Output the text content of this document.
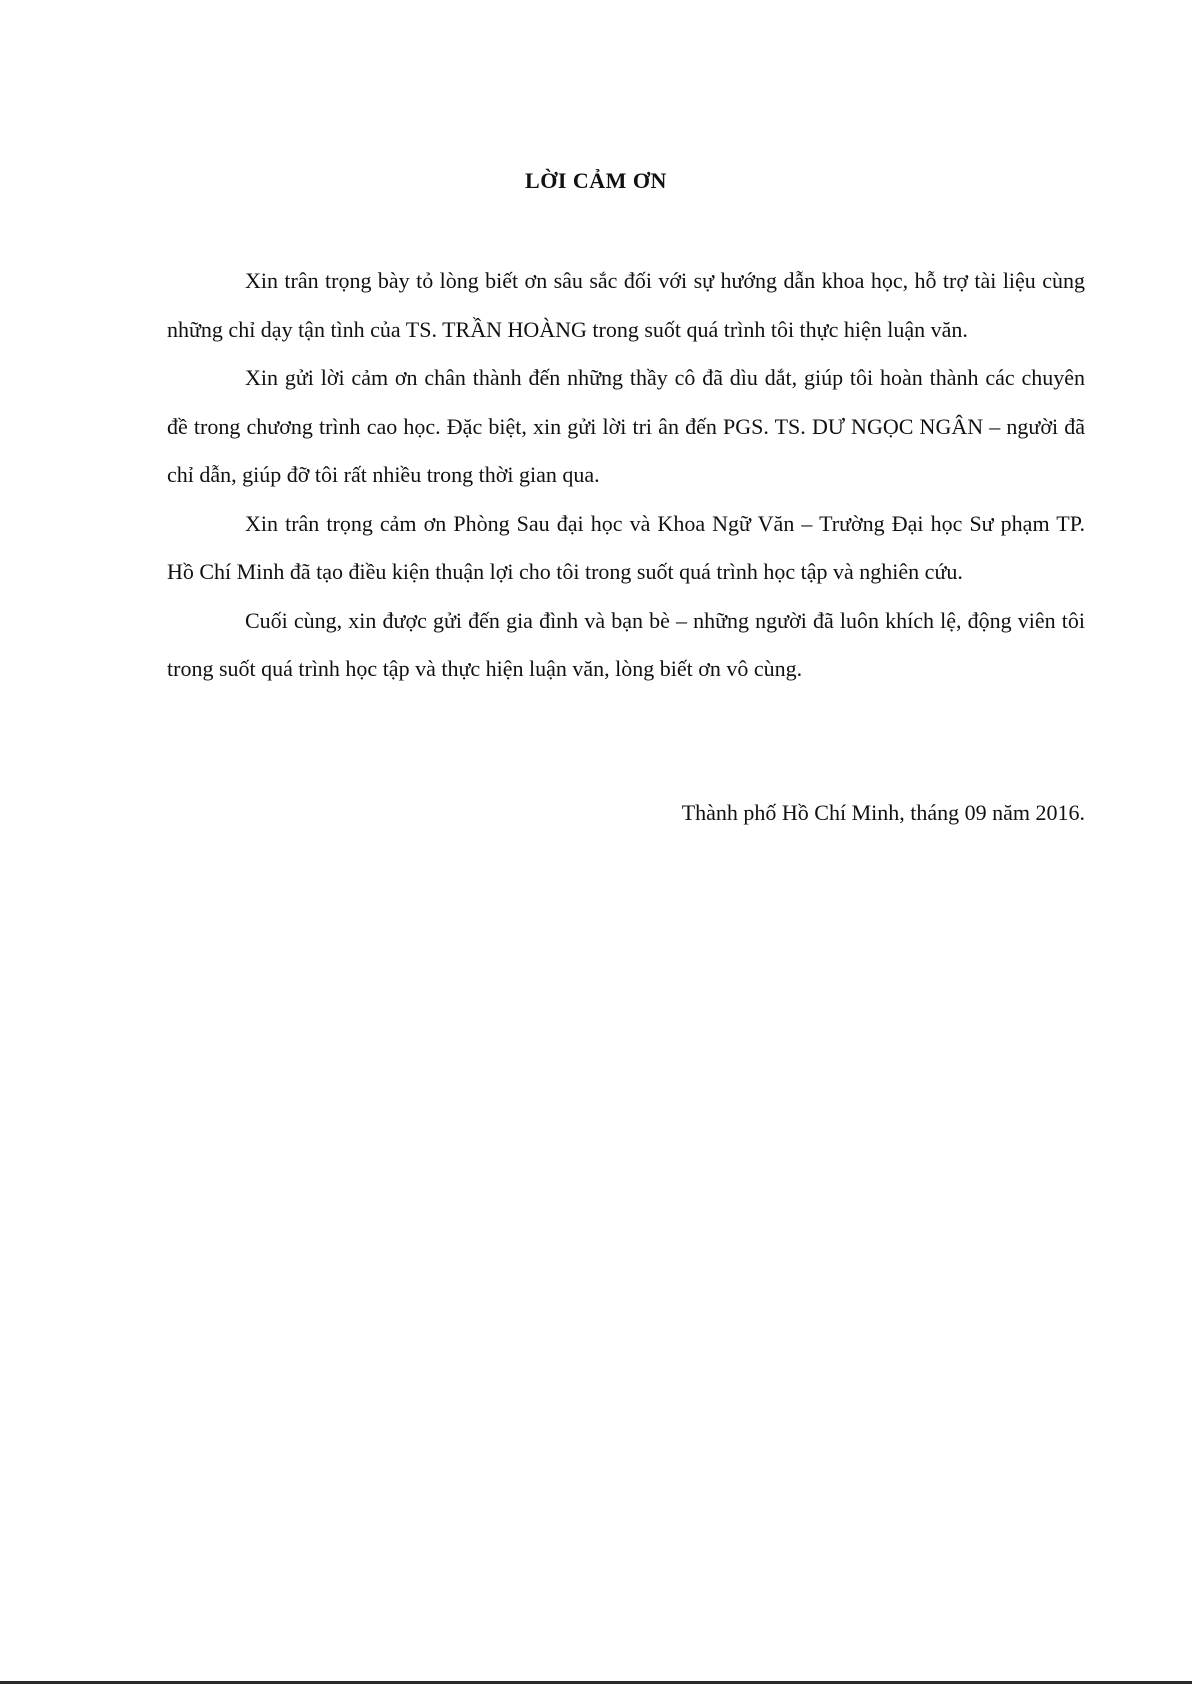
LỜI CẢM ƠN

Xin trân trọng bày tỏ lòng biết ơn sâu sắc đối với sự hướng dẫn khoa học, hỗ trợ tài liệu cùng những chỉ dạy tận tình của TS. TRẦN HOÀNG trong suốt quá trình tôi thực hiện luận văn.

Xin gửi lời cảm ơn chân thành đến những thầy cô đã dìu dắt, giúp tôi hoàn thành các chuyên đề trong chương trình cao học. Đặc biệt, xin gửi lời tri ân đến PGS. TS. DƯ NGỌC NGÂN – người đã chỉ dẫn, giúp đỡ tôi rất nhiều trong thời gian qua.

Xin trân trọng cảm ơn Phòng Sau đại học và Khoa Ngữ Văn – Trường Đại học Sư phạm TP. Hồ Chí Minh đã tạo điều kiện thuận lợi cho tôi trong suốt quá trình học tập và nghiên cứu.

Cuối cùng, xin được gửi đến gia đình và bạn bè – những người đã luôn khích lệ, động viên tôi trong suốt quá trình học tập và thực hiện luận văn, lòng biết ơn vô cùng.

Thành phố Hồ Chí Minh, tháng 09 năm 2016.
